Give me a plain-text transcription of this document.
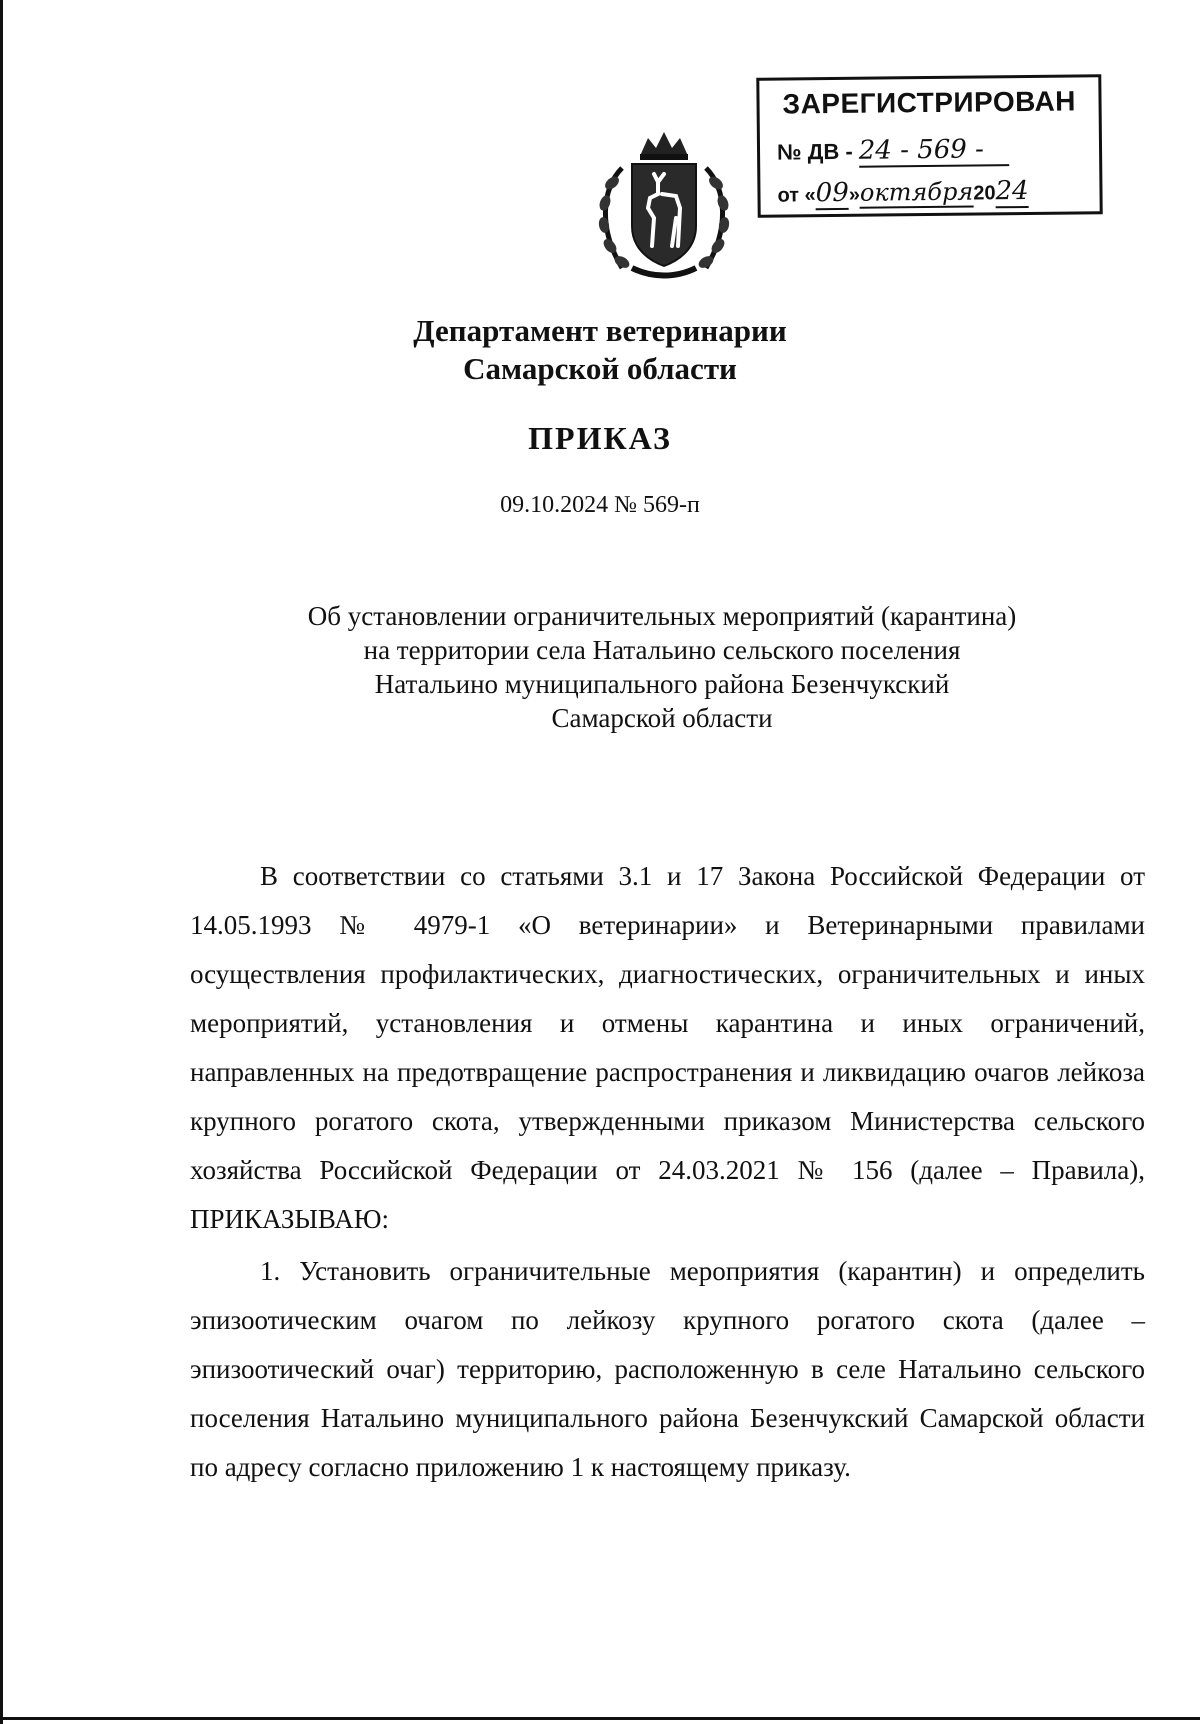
ЗАРЕГИСТРИРОВАН
№ ДВ - 24 - 569 -
от «09»октября2024
Департамент ветеринарии
Самарской области
ПРИКАЗ
09.10.2024 № 569-п
Об установлении ограничительных мероприятий (карантина)
на территории села Натальино сельского поселения
Натальино муниципального района Безенчукский
Самарской области

В соответствии со статьями 3.1 и 17 Закона Российской Федерации от 14.05.1993 № 4979-1 «О ветеринарии» и Ветеринарными правилами осуществления профилактических, диагностических, ограничительных и иных мероприятий, установления и отмены карантина и иных ограничений, направленных на предотвращение распространения и ликвидацию очагов лейкоза крупного рогатого скота, утвержденными приказом Министерства сельского хозяйства Российской Федерации от 24.03.2021 № 156 (далее – Правила), ПРИКАЗЫВАЮ:

1. Установить ограничительные мероприятия (карантин) и определить эпизоотическим очагом по лейкозу крупного рогатого скота (далее – эпизоотический очаг) территорию, расположенную в селе Натальино сельского поселения Натальино муниципального района Безенчукский Самарской области по адресу согласно приложению 1 к настоящему приказу.
